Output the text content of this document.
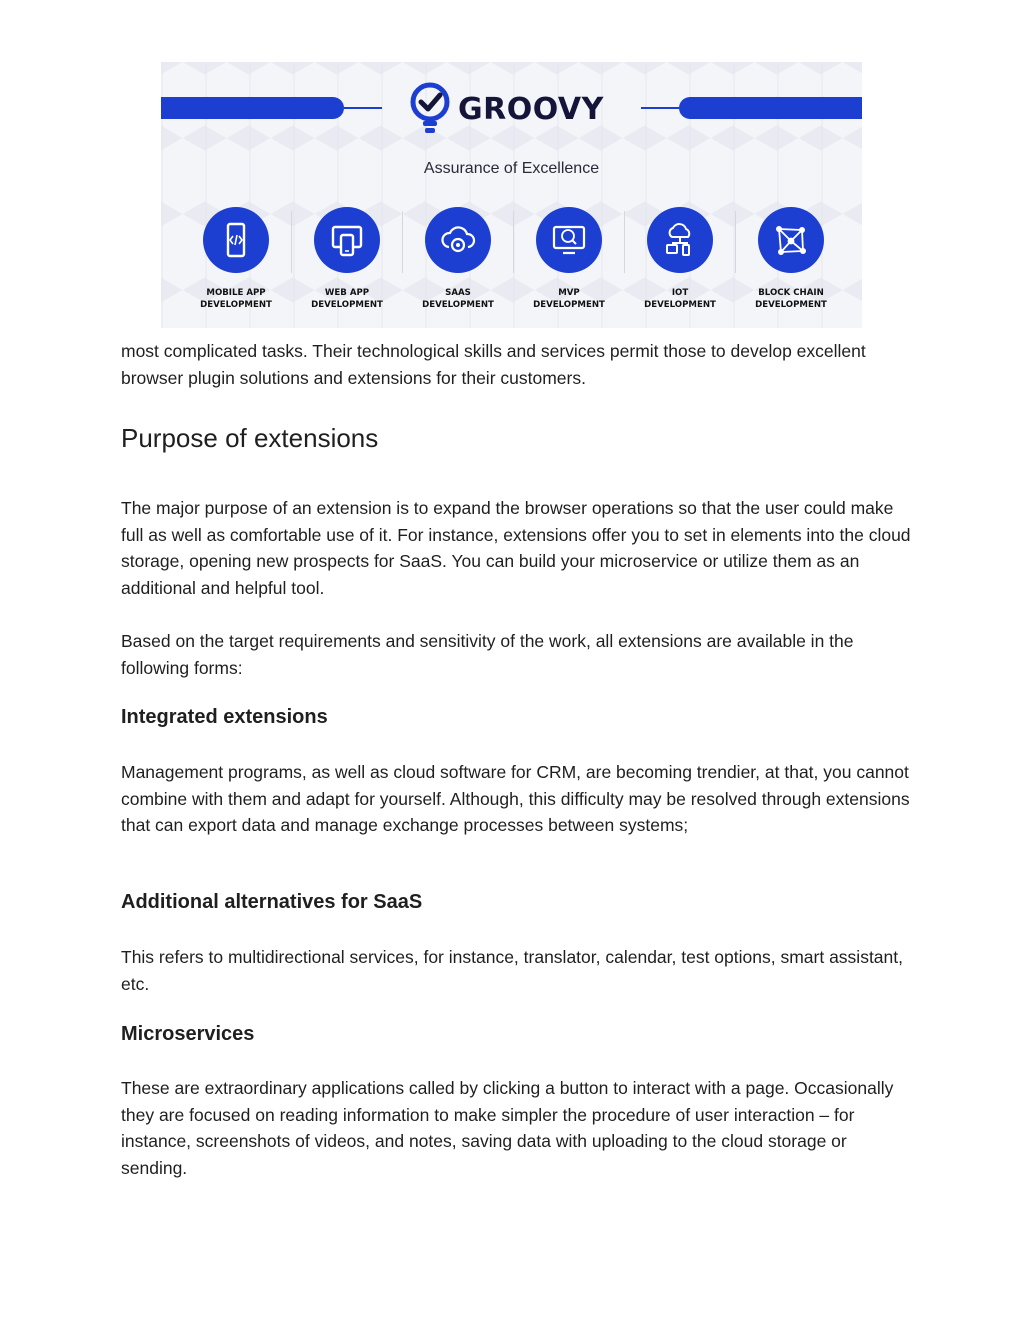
GROOVY
Assurance of Excellence
MOBILE APP
DEVELOPMENT
WEB APP
DEVELOPMENT
SAAS
DEVELOPMENT
MVP
DEVELOPMENT
IOT
DEVELOPMENT
BLOCK CHAIN
DEVELOPMENT

most complicated tasks. Their technological skills and services permit those to develop excellent browser plugin solutions and extensions for their customers.

Purpose of extensions

The major purpose of an extension is to expand the browser operations so that the user could make full as well as comfortable use of it. For instance, extensions offer you to set in elements into the cloud storage, opening new prospects for SaaS. You can build your microservice or utilize them as an additional and helpful tool.

Based on the target requirements and sensitivity of the work, all extensions are available in the following forms:

Integrated extensions

Management programs, as well as cloud software for CRM, are becoming trendier, at that, you cannot combine with them and adapt for yourself. Although, this difficulty may be resolved through extensions that can export data and manage exchange processes between systems;

Additional alternatives for SaaS

This refers to multidirectional services, for instance, translator, calendar, test options, smart assistant, etc.

Microservices

These are extraordinary applications called by clicking a button to interact with a page. Occasionally they are focused on reading information to make simpler the procedure of user interaction – for instance, screenshots of videos, and notes, saving data with uploading to the cloud storage or sending.
